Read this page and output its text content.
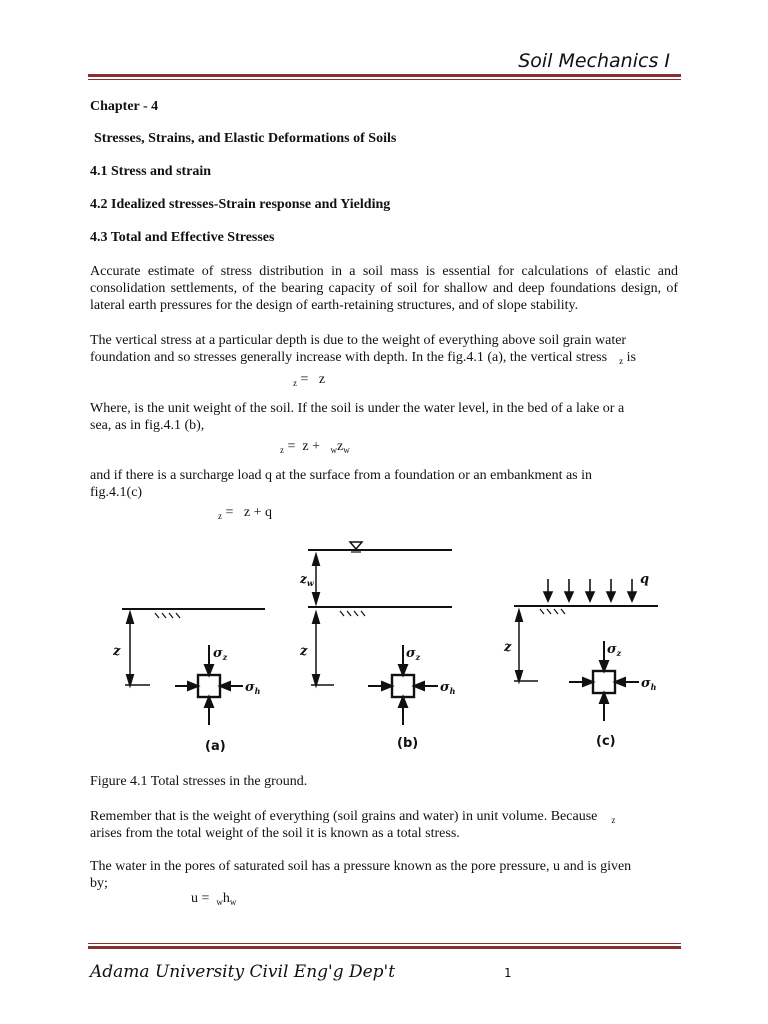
Soil Mechanics I
Chapter - 4
Stresses, Strains, and Elastic Deformations of Soils
4.1 Stress and strain
4.2 Idealized stresses-Strain response and Yielding
4.3 Total and Effective Stresses
Accurate estimate of stress distribution in a soil mass is essential for calculations of elastic and consolidation settlements, of the bearing capacity of soil for shallow and deep foundations design, of lateral earth pressures for the design of earth-retaining structures, and of slope stability.
The vertical stress at a particular depth is due to the weight of everything above soil grain water
foundation and so stresses generally increase with depth. In the fig.4.1 (a), the vertical stress $_z$ is
$_z$ = z
Where, is the unit weight of the soil. If the soil is under the water level, in the bed of a lake or a
sea, as in fig.4.1 (b),
$_z = z + _wz_w$
and if there is a surcharge load q at the surface from a foundation or an embankment as in
fig.4.1(c)
$_z$ = z + q
z	$\sigma_z$
$\sigma_h$
$z_w$
z	$\sigma_z$
$\sigma_h$
z
q
$\sigma_z$
$\sigma_h$
(a)	(b)	(c)
Figure 4.1 Total stresses in the ground.
Remember that is the weight of everything (soil grains and water) in unit volume. Because $_z$
arises from the total weight of the soil it is known as a total stress.
The water in the pores of saturated soil has a pressure known as the pore pressure, u and is given
by;
$u = _wh_w$
Adama University Civil Eng'g Dep't	1
